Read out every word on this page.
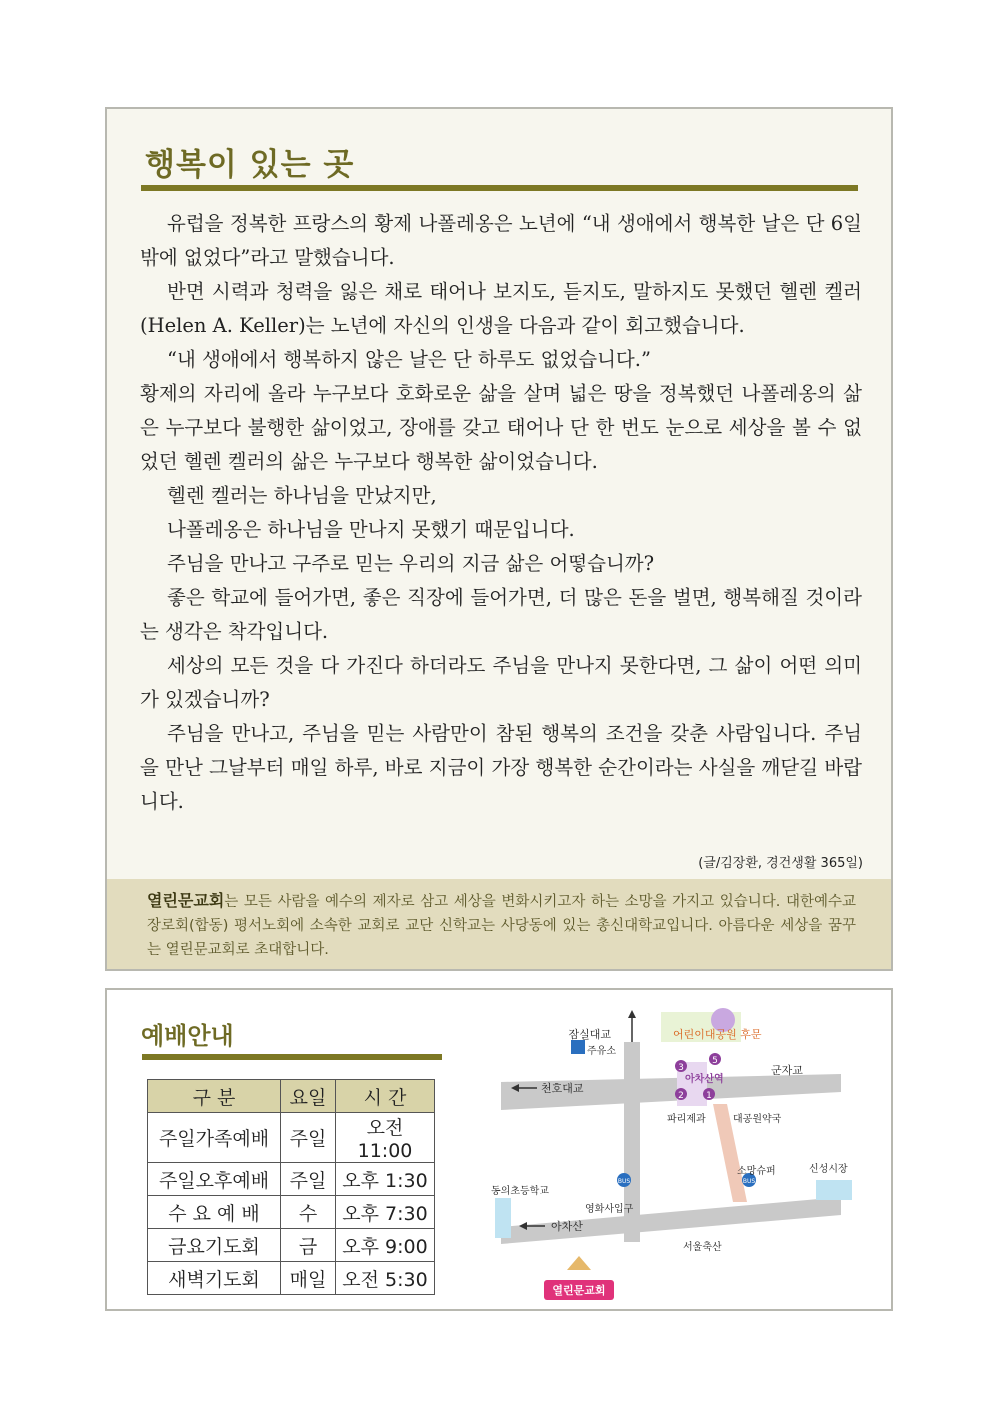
행복이 있는 곳

유럽을 정복한 프랑스의 황제 나폴레옹은 노년에 “내 생애에서 행복한 날은 단 6일 밖에 없었다”라고 말했습니다.

반면 시력과 청력을 잃은 채로 태어나 보지도, 듣지도, 말하지도 못했던 헬렌 켈러(Helen A. Keller)는 노년에 자신의 인생을 다음과 같이 회고했습니다.

“내 생애에서 행복하지 않은 날은 단 하루도 없었습니다.”

황제의 자리에 올라 누구보다 호화로운 삶을 살며 넓은 땅을 정복했던 나폴레옹의 삶은 누구보다 불행한 삶이었고, 장애를 갖고 태어나 단 한 번도 눈으로 세상을 볼 수 없었던 헬렌 켈러의 삶은 누구보다 행복한 삶이었습니다.

헬렌 켈러는 하나님을 만났지만,

나폴레옹은 하나님을 만나지 못했기 때문입니다.

주님을 만나고 구주로 믿는 우리의 지금 삶은 어떻습니까?

좋은 학교에 들어가면, 좋은 직장에 들어가면, 더 많은 돈을 벌면, 행복해질 것이라는 생각은 착각입니다.

세상의 모든 것을 다 가진다 하더라도 주님을 만나지 못한다면, 그 삶이 어떤 의미가 있겠습니까?

주님을 만나고, 주님을 믿는 사람만이 참된 행복의 조건을 갖춘 사람입니다. 주님을 만난 그날부터 매일 하루, 바로 지금이 가장 행복한 순간이라는 사실을 깨닫길 바랍니다.

(글/김장환, 경건생활 365일)
열린문교회는 모든 사람을 예수의 제자로 삼고 세상을 변화시키고자 하는 소망을 가지고 있습니다. 대한예수교장로회(합동) 평서노회에 소속한 교회로 교단 신학교는 사당동에 있는 총신대학교입니다. 아름다운 세상을 꿈꾸는 열린문교회로 초대합니다.
예배안내
구 분	요일	시 간
주일가족예배	주일	오전11:00
주일오후예배	주일	오후 1:30
수 요 예 배	수	오후 7:30
금요기도회	금	오후 9:00
새벽기도회	매일	오전 5:30
3
5
2 1
BUS	BUS
열린문교회
잠실대교	어린이대공원 후문
주유소
천호대교
군자교
아차산역
파리제과	대공원약국
신성시장
소망슈퍼
동의초등학교
영화사입구
아차산
서울축산
